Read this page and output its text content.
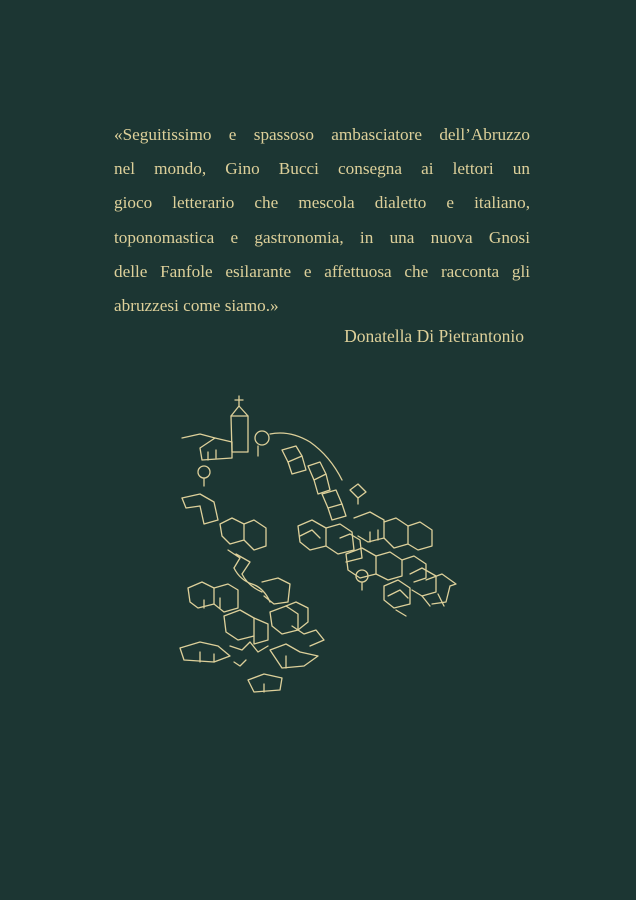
«Seguitissimo e spassoso ambasciatore dell’Abruzzo
nel mondo, Gino Bucci consegna ai lettori un
gioco letterario che mescola dialetto e italiano,
toponomastica e gastronomia, in una nuova Gnosi
delle Fanfole esilarante e affettuosa che racconta gli
abruzzesi come siamo.»

Donatella Di Pietrantonio
